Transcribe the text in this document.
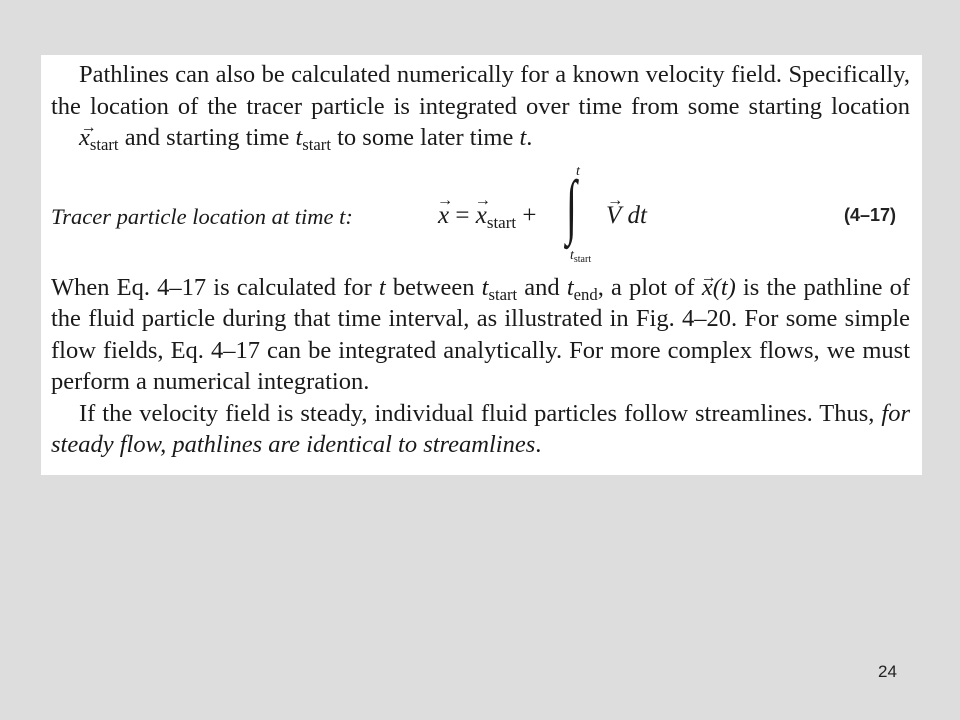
Pathlines can also be calculated numerically for a known velocity field. Specifically, the location of the tracer particle is integrated over time from some starting location → $x_{start}$ and starting time $t_{start}$ to some later time t.

Tracer particle location at time t:	→ x = → $x_{start}$ + ∫ t
$t_{start}$
→ V dt	(4–17)

When Eq. 4–17 is calculated for t between $t_{start}$ and $t_{end}$, a plot of → x(t) is the pathline of the fluid particle during that time interval, as illustrated in Fig. 4–20. For some simple flow fields, Eq. 4–17 can be integrated analytically. For more complex flows, we must perform a numerical integration.

If the velocity field is steady, individual fluid particles follow streamlines. Thus, for steady flow, pathlines are identical to streamlines.

24
